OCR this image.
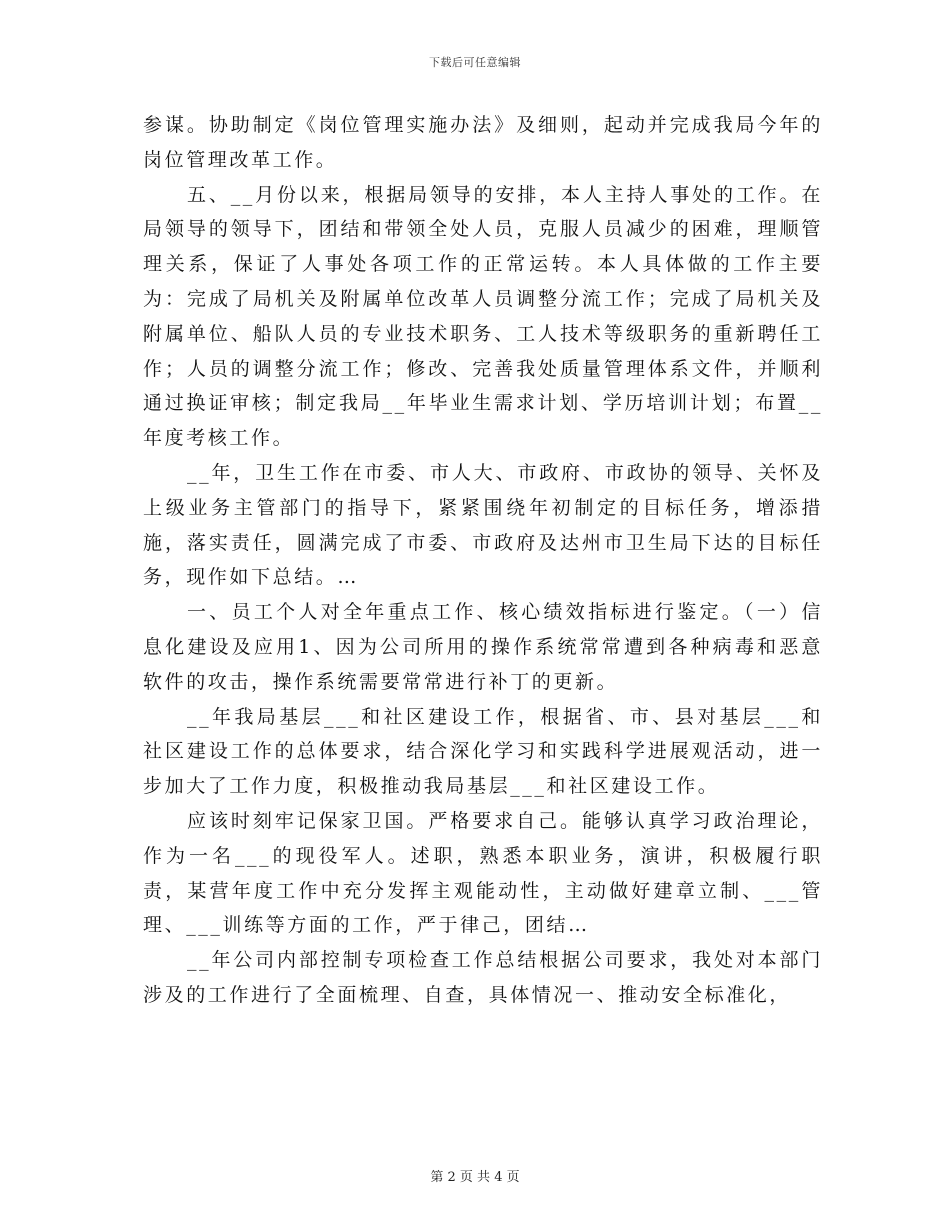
下载后可任意编辑

参谋。协助制定《岗位管理实施办法》及细则，起动并完成我局今年的岗位管理改革工作。

五、__月份以来，根据局领导的安排，本人主持人事处的工作。在局领导的领导下，团结和带领全处人员，克服人员减少的困难，理顺管理关系，保证了人事处各项工作的正常运转。本人具体做的工作主要为：完成了局机关及附属单位改革人员调整分流工作；完成了局机关及附属单位、船队人员的专业技术职务、工人技术等级职务的重新聘任工作；人员的调整分流工作；修改、完善我处质量管理体系文件，并顺利通过换证审核；制定我局__年毕业生需求计划、学历培训计划；布置__年度考核工作。

__年，卫生工作在市委、市人大、市政府、市政协的领导、关怀及上级业务主管部门的指导下，紧紧围绕年初制定的目标任务，增添措施，落实责任，圆满完成了市委、市政府及达州市卫生局下达的目标任务，现作如下总结。…

一、员工个人对全年重点工作、核心绩效指标进行鉴定。（一）信息化建设及应用1、因为公司所用的操作系统常常遭到各种病毒和恶意软件的攻击，操作系统需要常常进行补丁的更新。

__年我局基层___和社区建设工作，根据省、市、县对基层___和社区建设工作的总体要求，结合深化学习和实践科学进展观活动，进一步加大了工作力度，积极推动我局基层___和社区建设工作。

应该时刻牢记保家卫国。严格要求自己。能够认真学习政治理论，作为一名___的现役军人。述职，熟悉本职业务，演讲，积极履行职责，某营年度工作中充分发挥主观能动性，主动做好建章立制、___管理、___训练等方面的工作，严于律己，团结…

__年公司内部控制专项检查工作总结根据公司要求，我处对本部门涉及的工作进行了全面梳理、自查，具体情况一、推动安全标准化，

第 2 页 共 4 页
